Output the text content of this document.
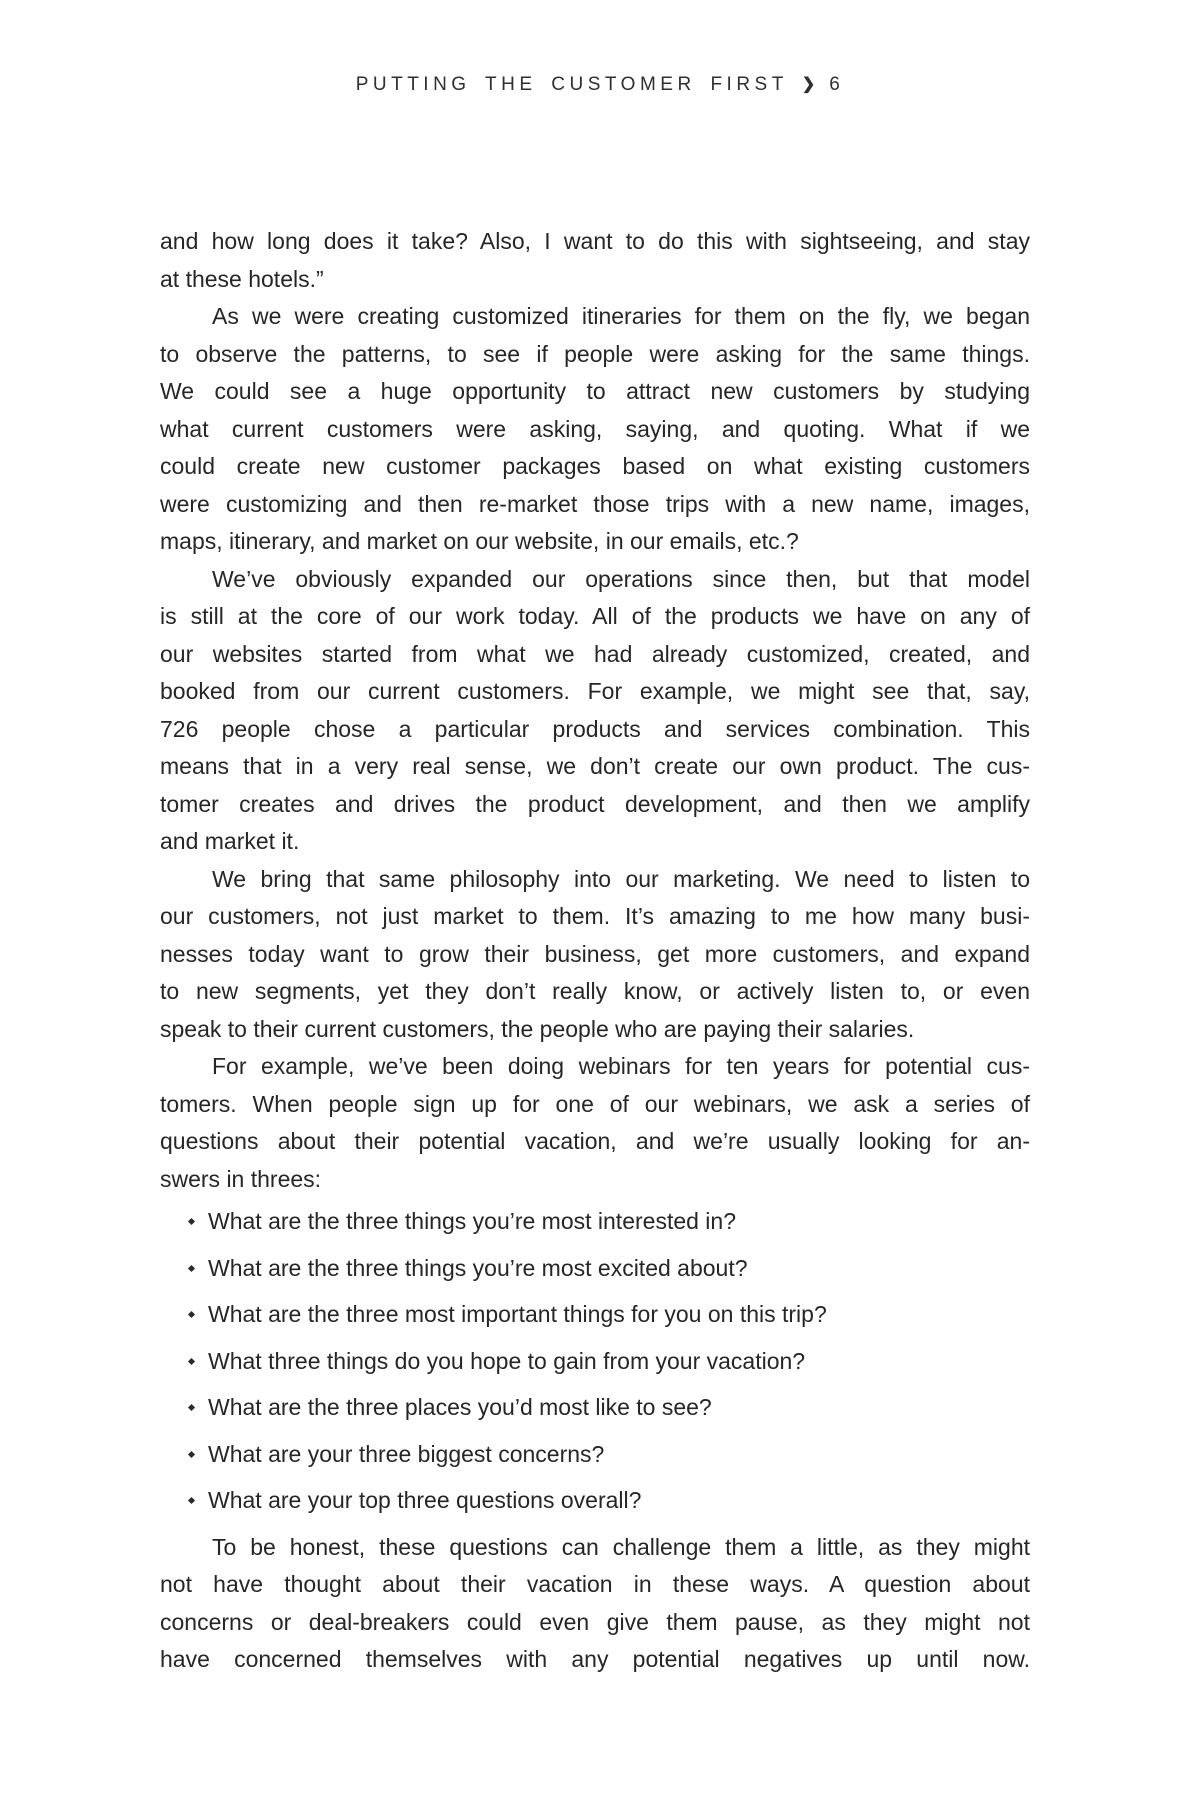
PUTTING THE CUSTOMER FIRST ❯ 6
and how long does it take? Also, I want to do this with sightseeing, and stay
at these hotels.”
As we were creating customized itineraries for them on the fly, we began
to observe the patterns, to see if people were asking for the same things.
We could see a huge opportunity to attract new customers by studying
what current customers were asking, saying, and quoting. What if we
could create new customer packages based on what existing customers
were customizing and then re-market those trips with a new name, images,
maps, itinerary, and market on our website, in our emails, etc.?
We’ve obviously expanded our operations since then, but that model
is still at the core of our work today. All of the products we have on any of
our websites started from what we had already customized, created, and
booked from our current customers. For example, we might see that, say,
726 people chose a particular products and services combination. This
means that in a very real sense, we don’t create our own product. The cus-
tomer creates and drives the product development, and then we amplify
and market it.
We bring that same philosophy into our marketing. We need to listen to
our customers, not just market to them. It’s amazing to me how many busi-
nesses today want to grow their business, get more customers, and expand
to new segments, yet they don’t really know, or actively listen to, or even
speak to their current customers, the people who are paying their salaries.
For example, we’ve been doing webinars for ten years for potential cus-
tomers. When people sign up for one of our webinars, we ask a series of
questions about their potential vacation, and we’re usually looking for an-
swers in threes:
What are the three things you’re most interested in?
What are the three things you’re most excited about?
What are the three most important things for you on this trip?
What three things do you hope to gain from your vacation?
What are the three places you’d most like to see?
What are your three biggest concerns?
What are your top three questions overall?
To be honest, these questions can challenge them a little, as they might
not have thought about their vacation in these ways. A question about
concerns or deal-breakers could even give them pause, as they might not
have concerned themselves with any potential negatives up until now.
